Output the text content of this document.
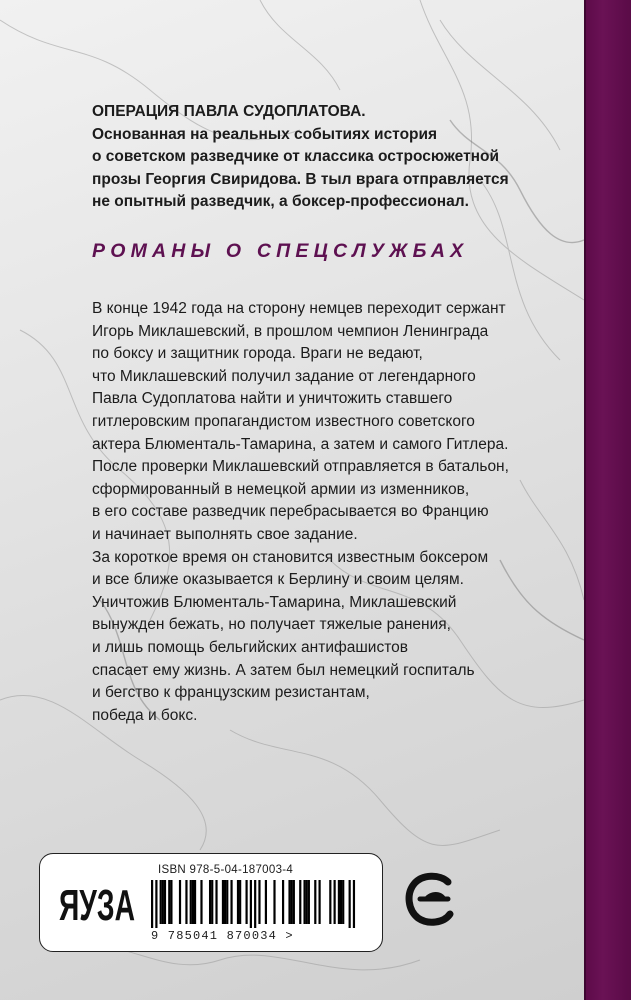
ОПЕРАЦИЯ ПАВЛА СУДОПЛАТОВА.
Основанная на реальных событиях история
о советском разведчике от классика остросюжетной
прозы Георгия Свиридова. В тыл врага отправляется
не опытный разведчик, а боксер-профессионал.
РОМАНЫ О СПЕЦСЛУЖБАХ
В конце 1942 года на сторону немцев переходит сержант
Игорь Миклашевский, в прошлом чемпион Ленинграда
по боксу и защитник города. Враги не ведают,
что Миклашевский получил задание от легендарного
Павла Судоплатова найти и уничтожить ставшего
гитлеровским пропагандистом известного советского
актера Блюменталь-Тамарина, а затем и самого Гитлера.
После проверки Миклашевский отправляется в батальон,
сформированный в немецкой армии из изменников,
в его составе разведчик перебрасывается во Францию
и начинает выполнять свое задание.
За короткое время он становится известным боксером
и все ближе оказывается к Берлину и своим целям.
Уничтожив Блюменталь-Тамарина, Миклашевский
вынужден бежать, но получает тяжелые ранения,
и лишь помощь бельгийских антифашистов
спасает ему жизнь. А затем был немецкий госпиталь
и бегство к французским резистантам,
победа и бокс.
ЯУЗА
ISBN 978-5-04-187003-4
9 785041 870034 >
